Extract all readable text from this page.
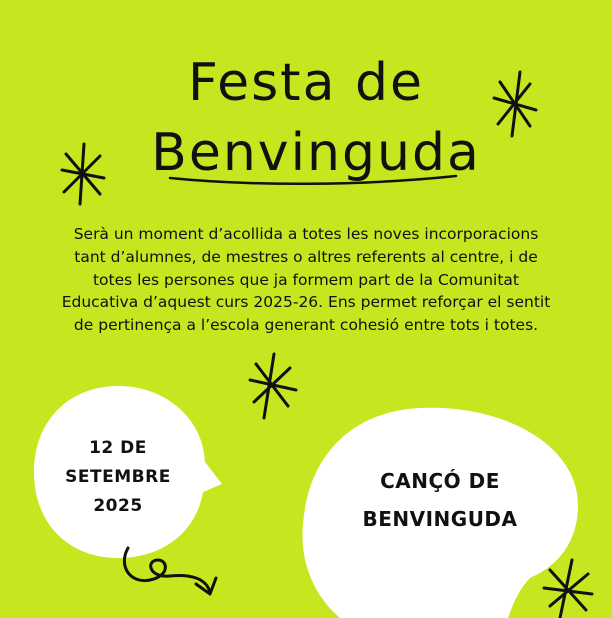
Festa de
Benvinguda
Serà un moment d’acollida a totes les noves incorporacions tant d’alumnes, de mestres o altres referents al centre, i de totes les persones que ja formem part de la Comunitat Educativa d’aquest curs 2025-26. Ens permet reforçar el sentit de pertinença a l’escola generant cohesió entre tots i totes.
12 DE
SETEMBRE
2025
CANÇÓ DE
BENVINGUDA
